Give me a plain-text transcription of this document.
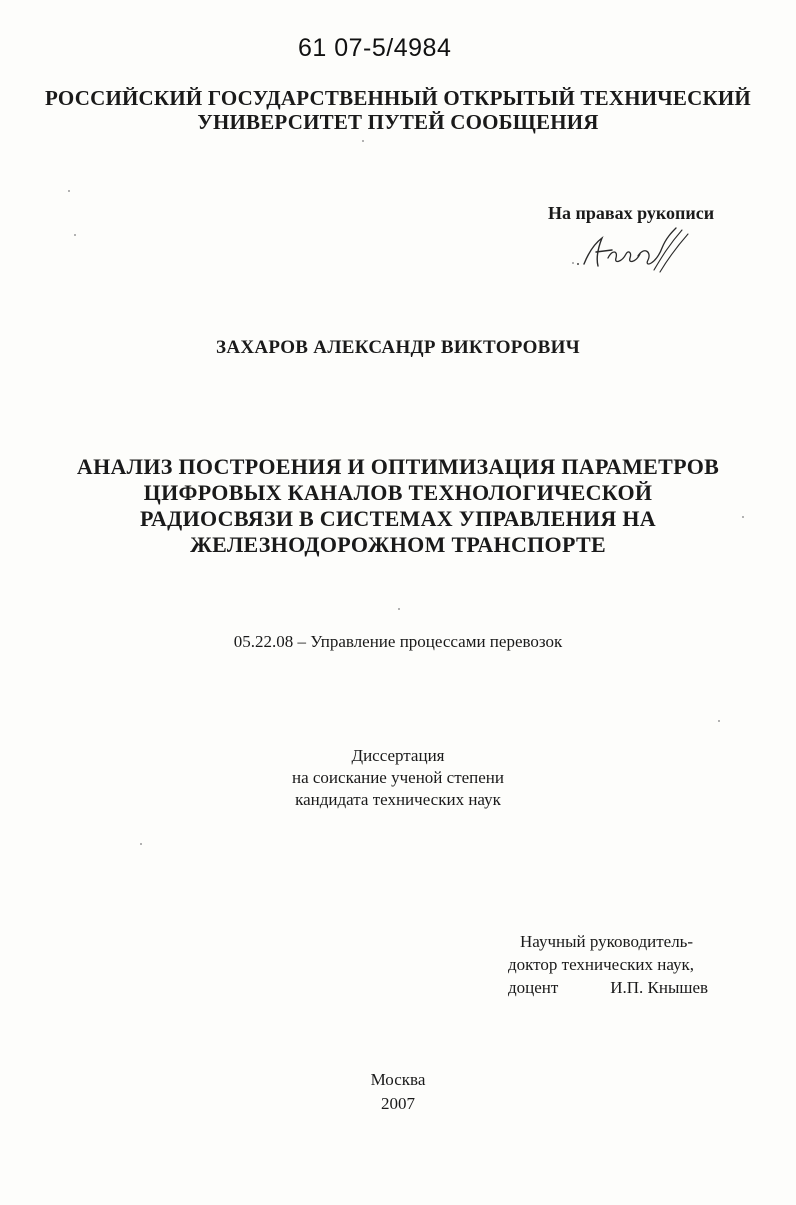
61 07-5/4984
РОССИЙСКИЙ ГОСУДАРСТВЕННЫЙ ОТКРЫТЫЙ ТЕХНИЧЕСКИЙ
УНИВЕРСИТЕТ ПУТЕЙ СООБЩЕНИЯ
На правах рукописи
ЗАХАРОВ АЛЕКСАНДР ВИКТОРОВИЧ
АНАЛИЗ ПОСТРОЕНИЯ И ОПТИМИЗАЦИЯ ПАРАМЕТРОВ
ЦИФРОВЫХ КАНАЛОВ ТЕХНОЛОГИЧЕСКОЙ
РАДИОСВЯЗИ В СИСТЕМАХ УПРАВЛЕНИЯ НА
ЖЕЛЕЗНОДОРОЖНОМ ТРАНСПОРТЕ
05.22.08 – Управление процессами перевозок
Диссертация
на соискание ученой степени
кандидата технических наук
Научный руководитель-
доктор технических наук,
доцент	И.П. Кнышев
Москва
2007
